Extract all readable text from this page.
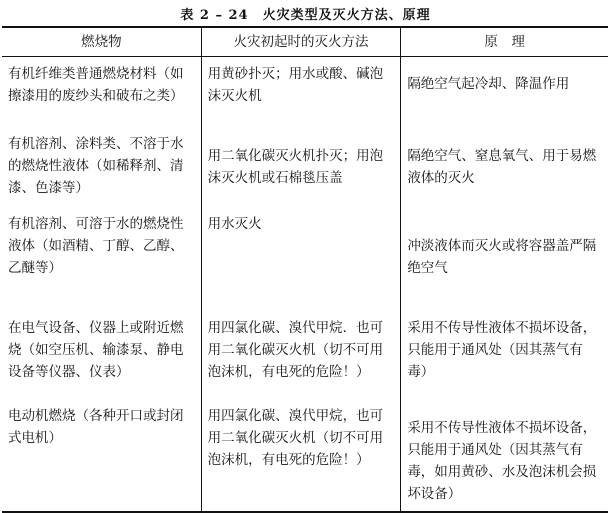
表 2 – 24　火灾类型及灭火方法、原理
燃烧物	火灾初起时的灭火方法	原　理
有机纤维类普通燃烧材料（如擦漆用的废纱头和破布之类）	用黄砂扑灭；用水或酸、碱泡沫灭火机	隔绝空气起冷却、降温作用
有机溶剂、涂料类、不溶于水的燃烧性液体（如稀释剂、清漆、色漆等）	用二氧化碳灭火机扑灭；用泡沫灭火机或石棉毯压盖	隔绝空气、窒息氧气、用于易燃液体的灭火
有机溶剂、可溶于水的燃烧性液体（如酒精、丁醇、乙醇、乙醚等）	用水灭火	冲淡液体而灭火或将容器盖严隔绝空气
在电气设备、仪器上或附近燃烧（如空压机、输漆泵、静电设备等仪器、仪表）	用四氯化碳、溴代甲烷．也可用二氧化碳灭火机（切不可用泡沫机，有电死的危险！）	采用不传导性液体不损坏设备，只能用于通风处（因其蒸气有毒）
电动机燃烧（各种开口或封闭式电机）	用四氯化碳、溴代甲烷，也可用二氧化碳灭火机（切不可用泡沫机，有电死的危险！）	采用不传导性液体不损坏设备，只能用于通风处（因其蒸气有毒，如用黄砂、水及泡沫机会损坏设备）
